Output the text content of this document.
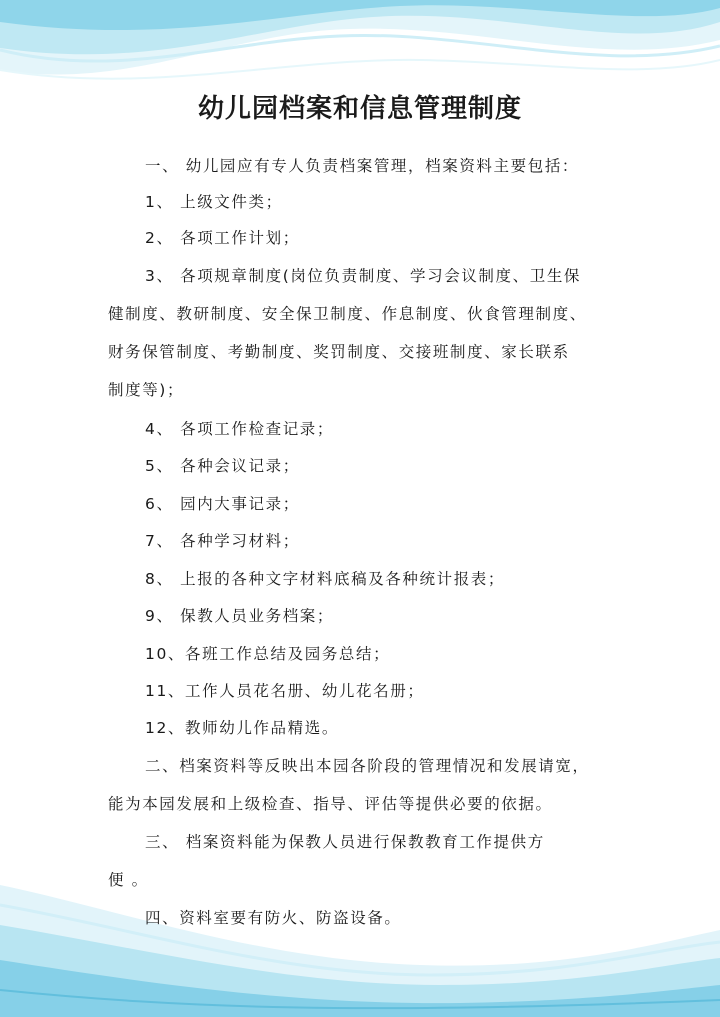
幼儿园档案和信息管理制度
一、 幼儿园应有专人负责档案管理，档案资料主要包括：
1、 上级文件类；
2、 各项工作计划；
3、 各项规章制度(岗位负责制度、学习会议制度、卫生保
健制度、教研制度、安全保卫制度、作息制度、伙食管理制度、
财务保管制度、考勤制度、奖罚制度、交接班制度、家长联系
制度等)；
4、 各项工作检查记录；
5、 各种会议记录；
6、 园内大事记录；
7、 各种学习材料；
8、 上报的各种文字材料底稿及各种统计报表；
9、 保教人员业务档案；
10、各班工作总结及园务总结；
11、工作人员花名册、幼儿花名册；
12、教师幼儿作品精选。
二、档案资料等反映出本园各阶段的管理情况和发展请宽，
能为本园发展和上级检查、指导、评估等提供必要的依据。
三、 档案资料能为保教人员进行保教教育工作提供方
便 。
四、资料室要有防火、防盗设备。
